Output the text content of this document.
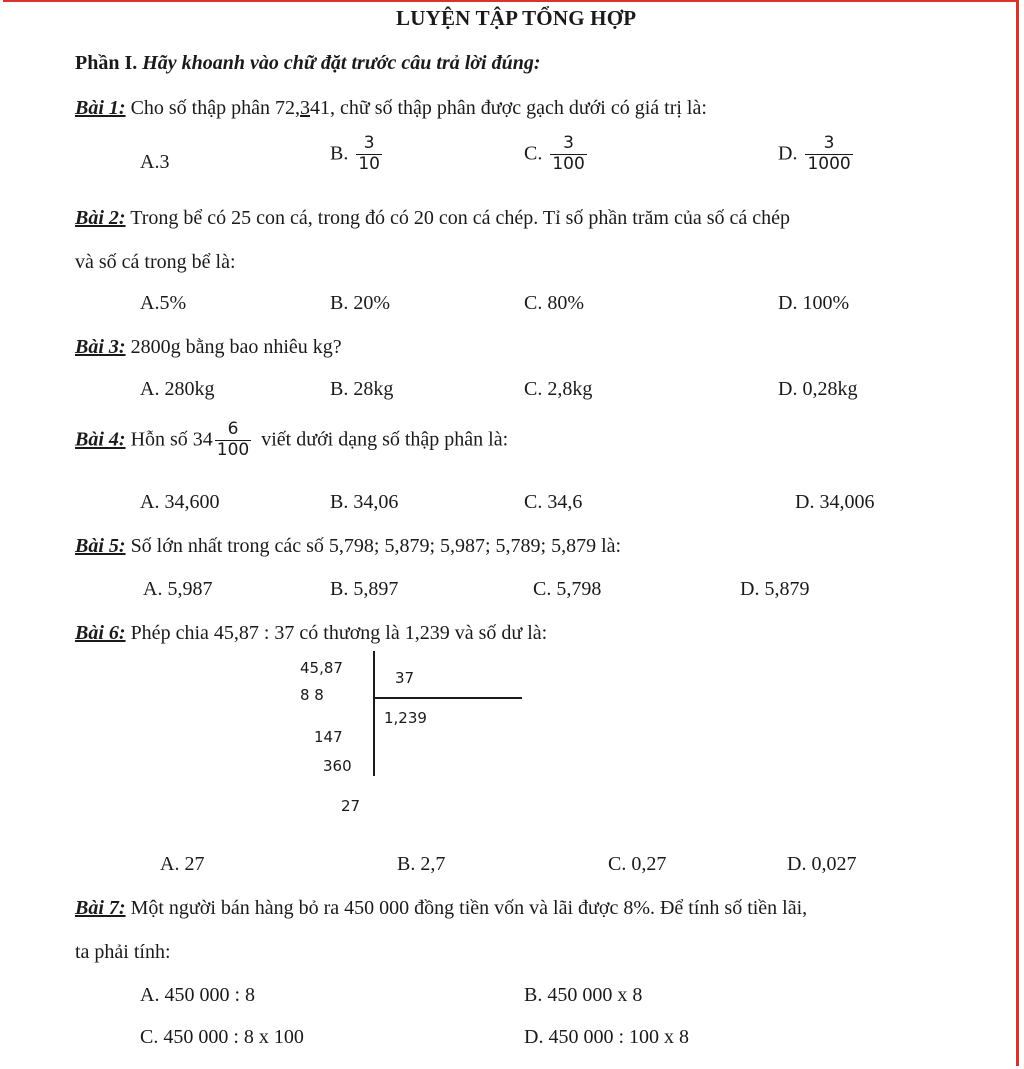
LUYỆN TẬP TỔNG HỢP
Phần I. Hãy khoanh vào chữ đặt trước câu trả lời đúng:
Bài 1: Cho số thập phân 72,341, chữ số thập phân được gạch dưới có giá trị là:
A.3	B. $\frac{3}{10}$	C. $\frac{3}{100}$	D. $\frac{3}{1000}$
Bài 2: Trong bể có 25 con cá, trong đó có 20 con cá chép. Tỉ số phần trăm của số cá chép
và số cá trong bể là:
A.5%	B. 20%	C. 80%	D. 100%
Bài 3: 2800g bằng bao nhiêu kg?
A. 280kg	B. 28kg	C. 2,8kg	D. 0,28kg
Bài 4: Hỗn số $34 \frac{6}{100}$ viết dưới dạng số thập phân là:
A. 34,600	B. 34,06	C. 34,6	D. 34,006
Bài 5: Số lớn nhất trong các số 5,798; 5,879; 5,987; 5,789; 5,879 là:
A. 5,987	B. 5,897	C. 5,798	D. 5,879
Bài 6: Phép chia 45,87 : 37 có thương là 1,239 và số dư là:
45,87
8 8
147
360
27
37
1,239
A. 27	B. 2,7	C. 0,27	D. 0,027
Bài 7: Một người bán hàng bỏ ra 450 000 đồng tiền vốn và lãi được 8%. Để tính số tiền lãi,
ta phải tính:
A. 450 000 : 8	B. 450 000 x 8
C. 450 000 : 8 x 100	D. 450 000 : 100 x 8
